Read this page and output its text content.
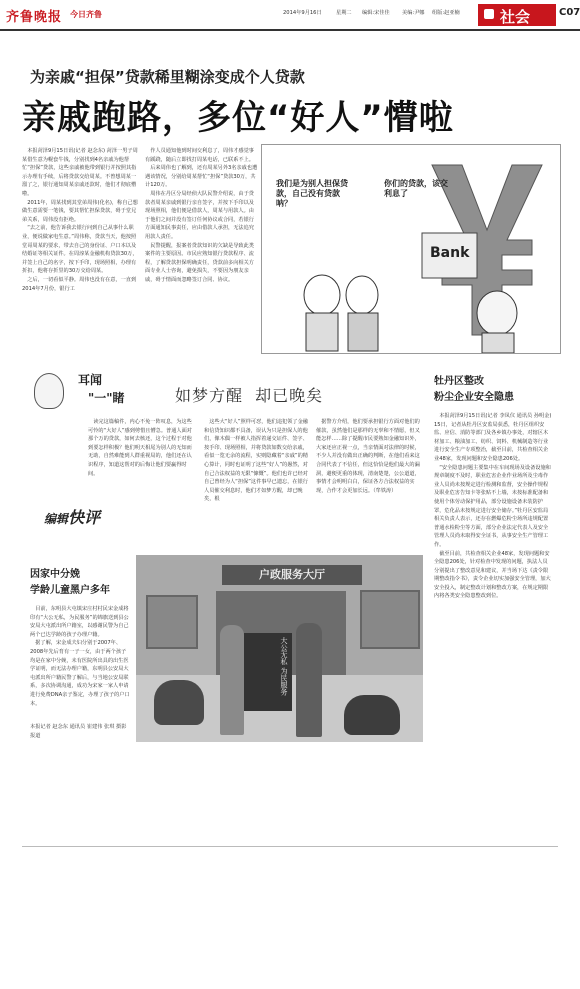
齐鲁晚报 今日齐鲁	2014年9月16日	星期二 编辑:宋佳佳 美编:尹娜 组版:赵亚楠	社会	C07
为亲戚“担保”贷款稀里糊涂变成个人贷款
亲戚跑路，多位“好人”懵啦

本报菏泽9月15日讯(记者 赵念东) 菏泽一男子周某借生意为幌套牛钱，分别找到4名亲戚为他帮忙“担保”贷款，这些亲戚被他带到银行并按照其指示办理有手续，后将贷款交给周某。不曾想周某一溜了之，银行通知周某亲戚还款时，他们才彻底懵啦。

2011年，周某找到其堂弟周伟(化名)，称自己想做生意需要一笔钱，要其帮忙担保贷款，碍于堂兄弟关系，周伟没有拒绝。

“去之前，他告诉我去银行问到自己从事什么职业，便说做家电生意。”周伟称，贷款当天，他按照堂哥周某的要求，带去自己的身份证、户口本以及结婚证等相关证件。在周淳某金融机构贷款30万，并签上自己的名字，按下手印，现场照相，办理有折扣，他将存折里的30万交给周某。

之后，一切看似平静。周伟也没有在意，一直到2014年7月份，银行工

作人员通知他到时间交利息了，周伟才感觉事有蹊跷，随后立即找打周某电话，已联系不上。

后来周伟也了解到，还有周某另外3名亲戚也遭遇该情况，分别给周某帮忙“担保”贷款30万，共计120万。

周伟在丹区分局经侦大队民警介绍说，由于贷款者周某亲戚到银行亲自签字，并按下手印以及现场照相，他们便是借款人，周某与用款人。由于他们之间并没有签订任何协议或合同，若银行方面通知民事责任，应由借款人承担，无法追究用款人责任。

民警提醒，报案者贷款知识的欠缺是导致此类案件的主要原因。市民应熟知银行贷款程序、流程，了解贷款担保明确责任，贷款前多向相关方面专业人士咨询，避免损失，不要因为朋友亲戚，碍于情面而忽略签订合同、协议。

我们是为别人担保贷款，自己没有贷款呐？
你们的贷款，该交利息了
Bank
耳闻
"一"睹	如梦方醒  却已晚矣
编辑快评
读完这篇稿件，内心不免一阵叹息，为这些可怜的“大好人”感到剪惜且懵急。普通人面对那个万的贷款，如何去核还，这个过程于对他到要怎样积极？他们明天相尾为别人的无知而无助，自然难能到人群重视局的，他们还在认识程序，知道这帮对的后悔让他们要赢得时间。
这些大“好人”照样可怼，他们违犯领了金融和信贷知识都不具备，误认为只是担保人的他们，像木偶一样被人指挥着递交证件、签字、按手印、现场照相，并将贷款如数交给亲戚，看似一览无余的流程，实则隐藏着“亲戚”的精心算计，同时也证明了这些“好人”的愚然，对自己合法权益的无限“慷慨”。他们也许已经对自己曾经为人“担保”这件事早已遗忘，在银行人员催交利息时，他们才如梦方醒，却已晚矣，根
据警方介绍，他们要承担银行方面对他们的催款，虽然他们是那样的无辜和不情愿，但又能怎样……除了提醒市民要熟知金融知识外，大家还应正视一点，当亲情面对法律的时候，不少人并没有做出正确的判断，在他们看来这合同代表了不信任，但这恰恰是他们最大的漏洞，避便更重的体现，清南楚楚，公公道道，事情才会明明白白，保证各方合法权益的实现，合作才会更加长远。（牟铁涛）
牡丹区整改
粉尘企业安全隐患

本报菏泽9月15日讯(记者 李凤仪 通讯员 孙明金) 15日，记者从牡丹区安监局获悉，牡丹区组织安监、应信、消防等部门及各乡镇办事处，对辖区木材加工、粮油加工、纺织、饲料、机械制造等行业进行安全生产专项整治，截至目前，共检查相关企业48家，发现问题和安全隐患206处。

“安全隐患问题主要集中在车间现场及设备设施和规章制度不及时，职业危害企业作业场所及尘毒作业人员尚未按规定进行检测和监督，安全操作规程及职业危害告知卡等张贴不上墙，未按标准配备和使用个体劳动保护用品，部分设施设备未装防护罩，危化品未按规定进行安全储存。”牡丹区安监局相关负责人表示，还存在燃爆危粉尘场所违规配置普通水检粉尘等方面，部分企业法定代表人及安全管理人员尚未取得安全证书，从事安全生产管理工作。

截至目前，共检查相关企业48家，发现问题和安全隐患206处，针对检查中发现的问题，执法人员分别提出了整改意见和建议，并当场下达《责令限期整改指令书》，责令企业切实加强安全管理，加大安全投入，制定整改计划和整改方案，在规定期限内将各类安全隐患整改到位。

因家中分娩
学龄儿童黑户多年

目前，东明县大屯镇宋庄村村民宋金成将印有“大公无私，为民服务”的锦旗送到县公安局大屯派出所户籍室，以感谢民警为自己两个已达学龄的孩子办理户籍。

据了解，宋金成夫妇分别于2007年、2008年先后育有一子一女，由于两个孩子均是在家中分娩，未有医院所出具的出生医学证明，而无法办理户籍，东明县公安局大屯派出所户籍民警了解后，与当地公安局联系，多次协调沟通，成功为宋家一家人申请进行免费DNA亲子鉴定，办理了孩子的户口本。

本报记者 赵念东 通讯员 崔建伟 张琪 摄影报道
户政服务大厅
大公无私 为民服务
